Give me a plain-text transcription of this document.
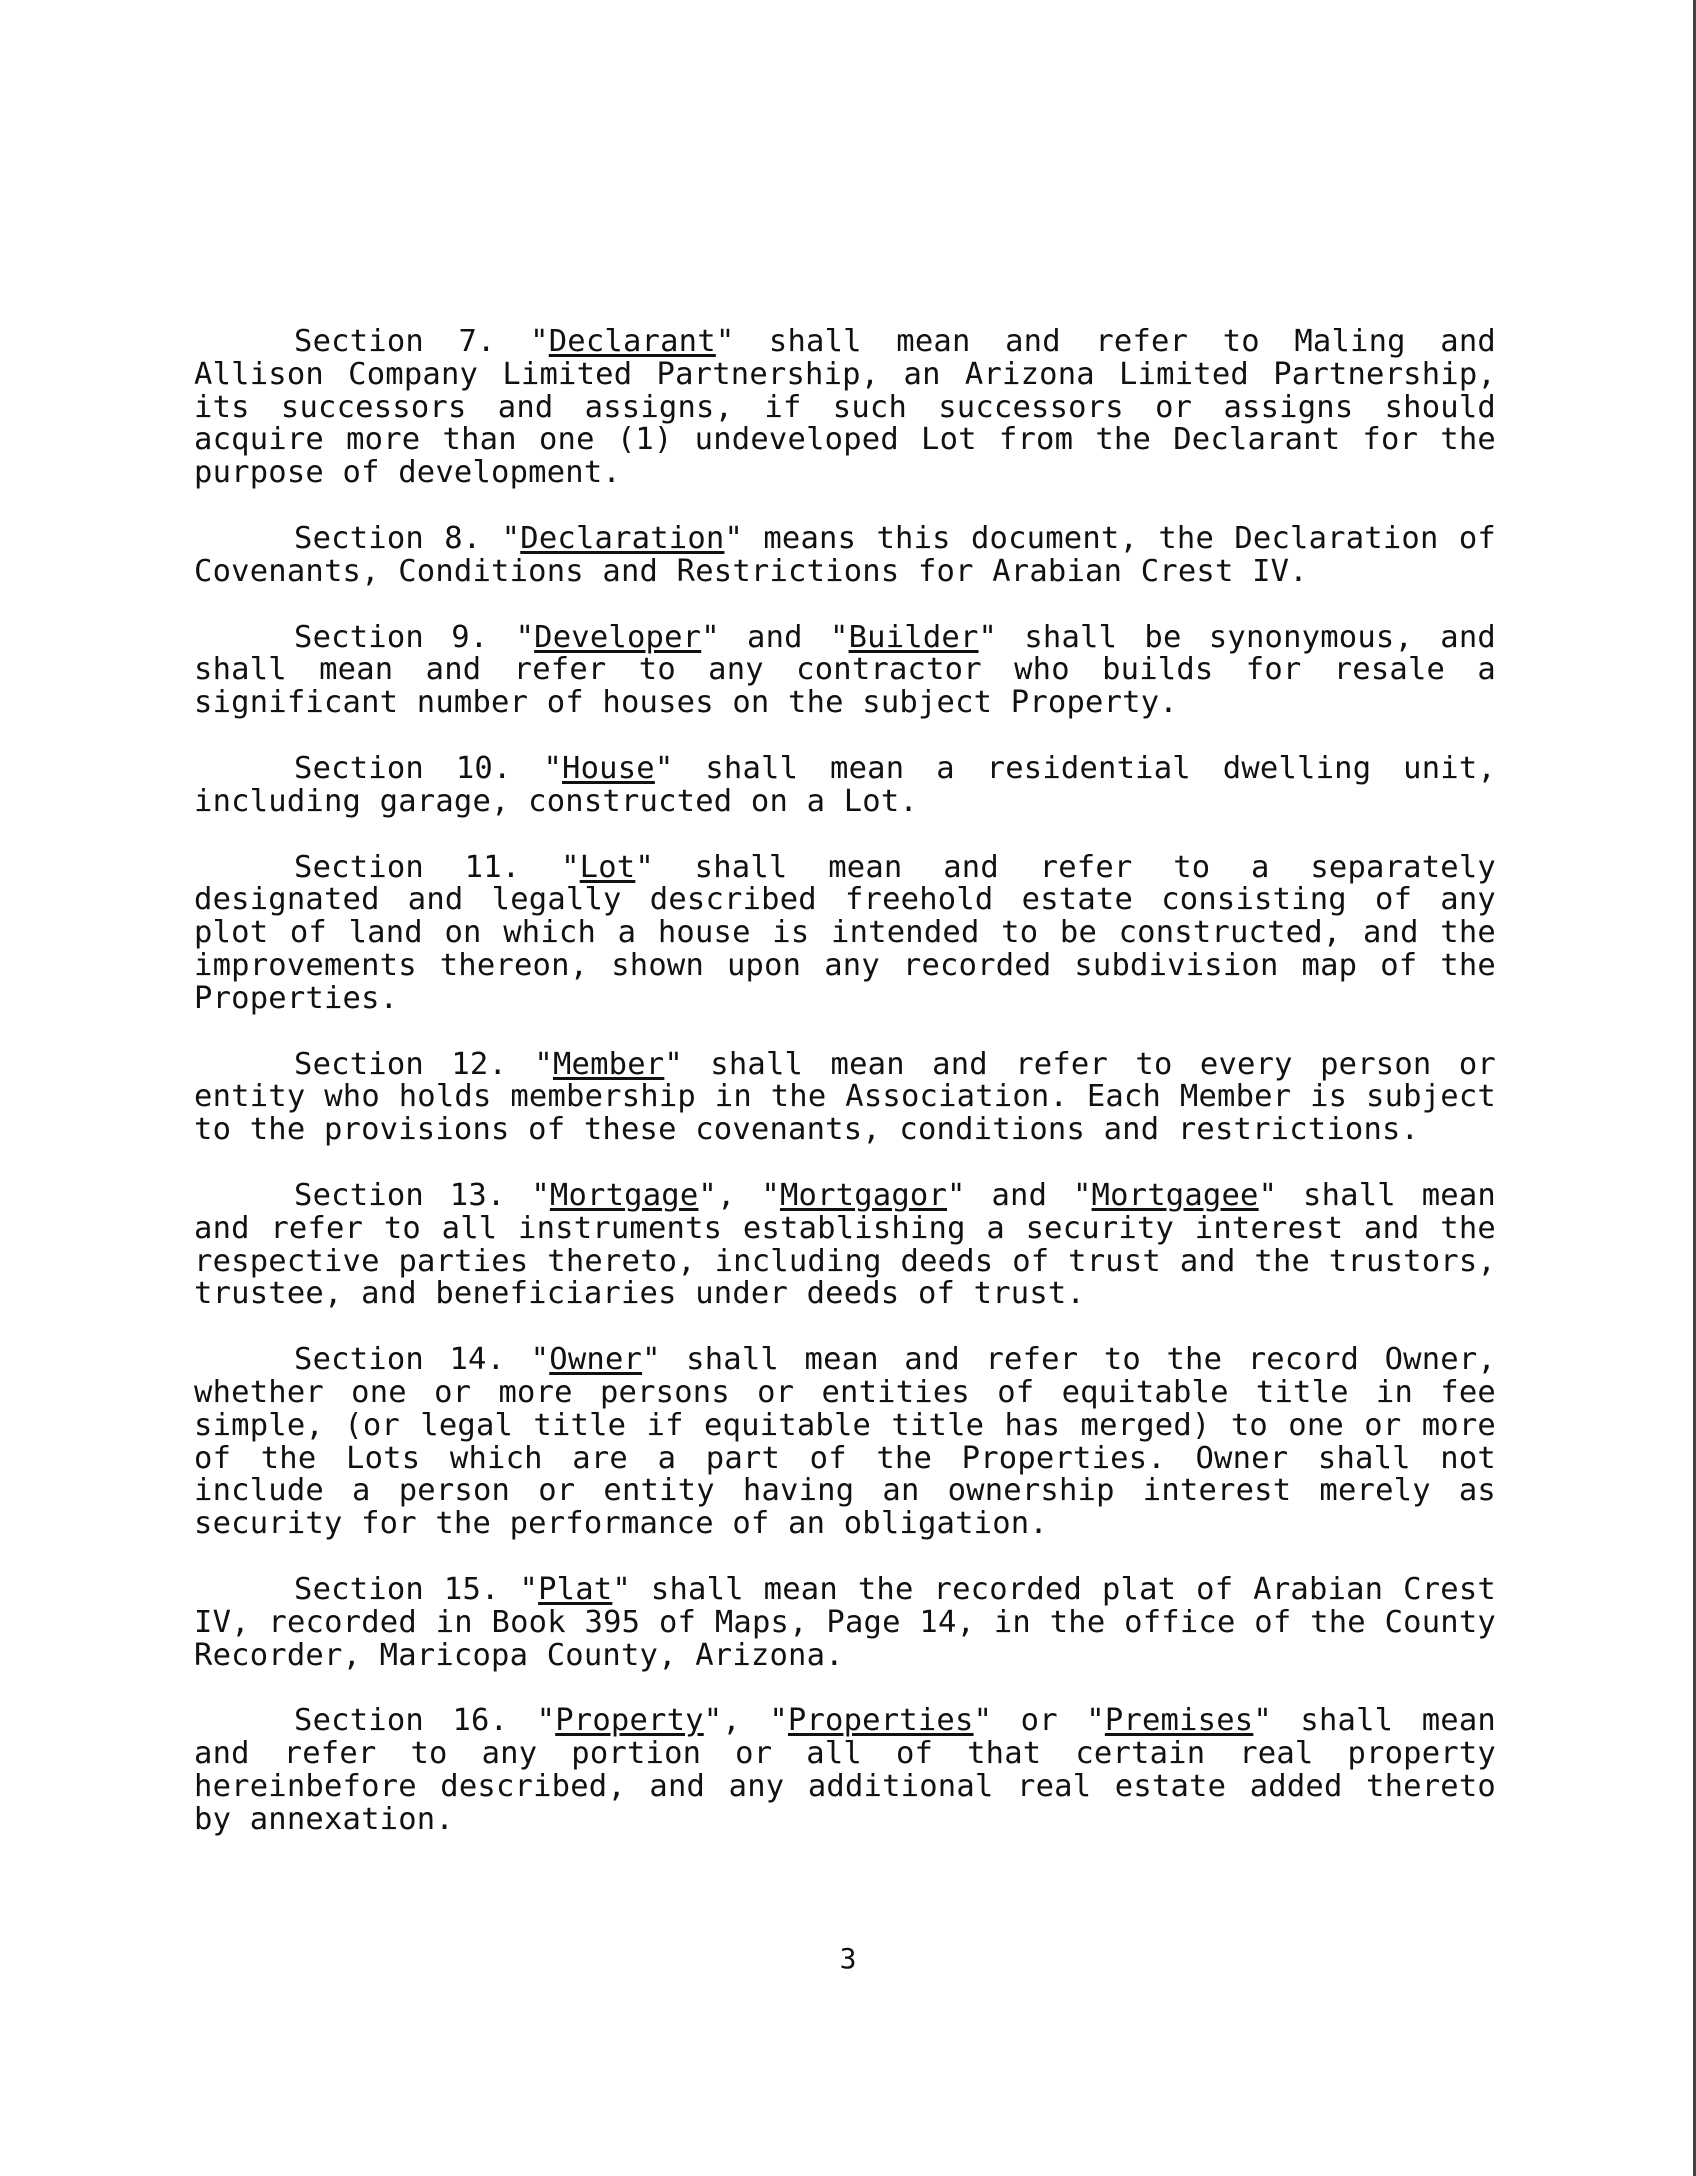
Section 7. "Declarant" shall mean and refer to Maling and Allison Company Limited Partnership, an Arizona Limited Partnership, its successors and assigns, if such successors or assigns should acquire more than one (1) undeveloped Lot from the Declarant for the purpose of development.

Section 8. "Declaration" means this document, the Declaration of Covenants, Conditions and Restrictions for Arabian Crest IV.

Section 9. "Developer" and "Builder" shall be synonymous, and shall mean and refer to any contractor who builds for resale a significant number of houses on the subject Property.

Section 10. "House" shall mean a residential dwelling unit, including garage, constructed on a Lot.

Section 11. "Lot" shall mean and refer to a separately designated and legally described freehold estate consisting of any plot of land on which a house is intended to be constructed, and the improvements thereon, shown upon any recorded subdivision map of the Properties.

Section 12. "Member" shall mean and refer to every person or entity who holds membership in the Association. Each Member is subject to the provisions of these covenants, conditions and restrictions.

Section 13. "Mortgage", "Mortgagor" and "Mortgagee" shall mean and refer to all instruments establishing a security interest and the respective parties thereto, including deeds of trust and the trustors, trustee, and beneficiaries under deeds of trust.

Section 14. "Owner" shall mean and refer to the record Owner, whether one or more persons or entities of equitable title in fee simple, (or legal title if equitable title has merged) to one or more of the Lots which are a part of the Properties. Owner shall not include a person or entity having an ownership interest merely as security for the performance of an obligation.

Section 15. "Plat" shall mean the recorded plat of Arabian Crest IV, recorded in Book 395 of Maps, Page 14, in the office of the County Recorder, Maricopa County, Arizona.

Section 16. "Property", "Properties" or "Premises" shall mean and refer to any portion or all of that certain real property hereinbefore described, and any additional real estate added thereto by annexation.

3
